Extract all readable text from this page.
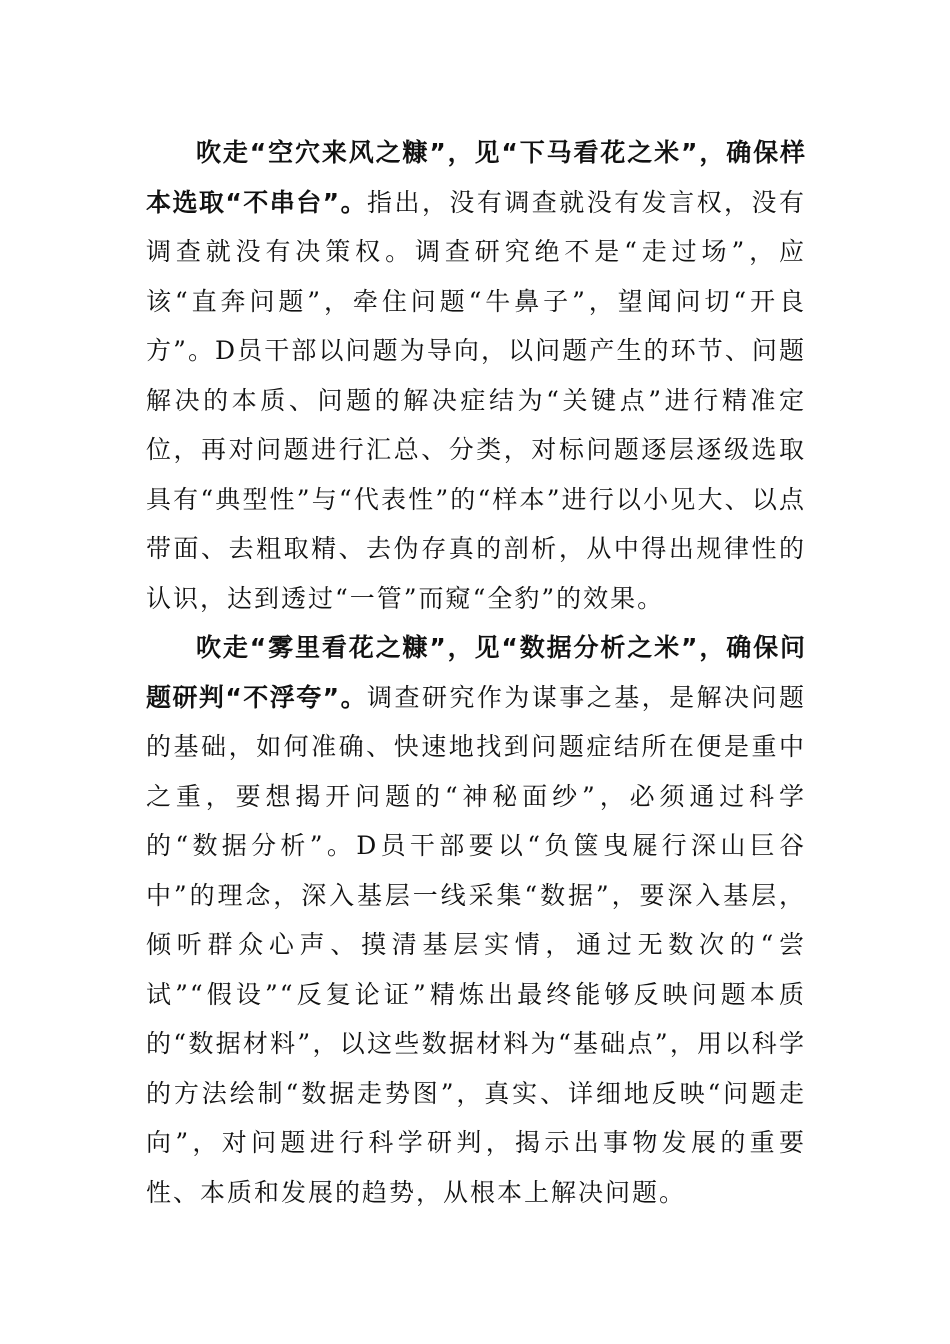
吹走“空穴来风之糠”，见“下马看花之米”，确保样本选取“不串台”。指出，没有调查就没有发言权，没有调查就没有决策权。调查研究绝不是“走过场”，应该“直奔问题”，牵住问题“牛鼻子”，望闻问切“开良方”。D员干部以问题为导向，以问题产生的环节、问题解决的本质、问题的解决症结为“关键点”进行精准定位，再对问题进行汇总、分类，对标问题逐层逐级选取具有“典型性”与“代表性”的“样本”进行以小见大、以点带面、去粗取精、去伪存真的剖析，从中得出规律性的认识，达到透过“一管”而窥“全豹”的效果。

吹走“雾里看花之糠”，见“数据分析之米”，确保问题研判“不浮夸”。调查研究作为谋事之基，是解决问题的基础，如何准确、快速地找到问题症结所在便是重中之重，要想揭开问题的“神秘面纱”，必须通过科学的“数据分析”。D员干部要以“负箧曳屣行深山巨谷中”的理念，深入基层一线采集“数据”，要深入基层，倾听群众心声、摸清基层实情，通过无数次的“尝试”“假设”“反复论证”精炼出最终能够反映问题本质的“数据材料”，以这些数据材料为“基础点”，用以科学的方法绘制“数据走势图”，真实、详细地反映“问题走向”，对问题进行科学研判，揭示出事物发展的重要性、本质和发展的趋势，从根本上解决问题。
